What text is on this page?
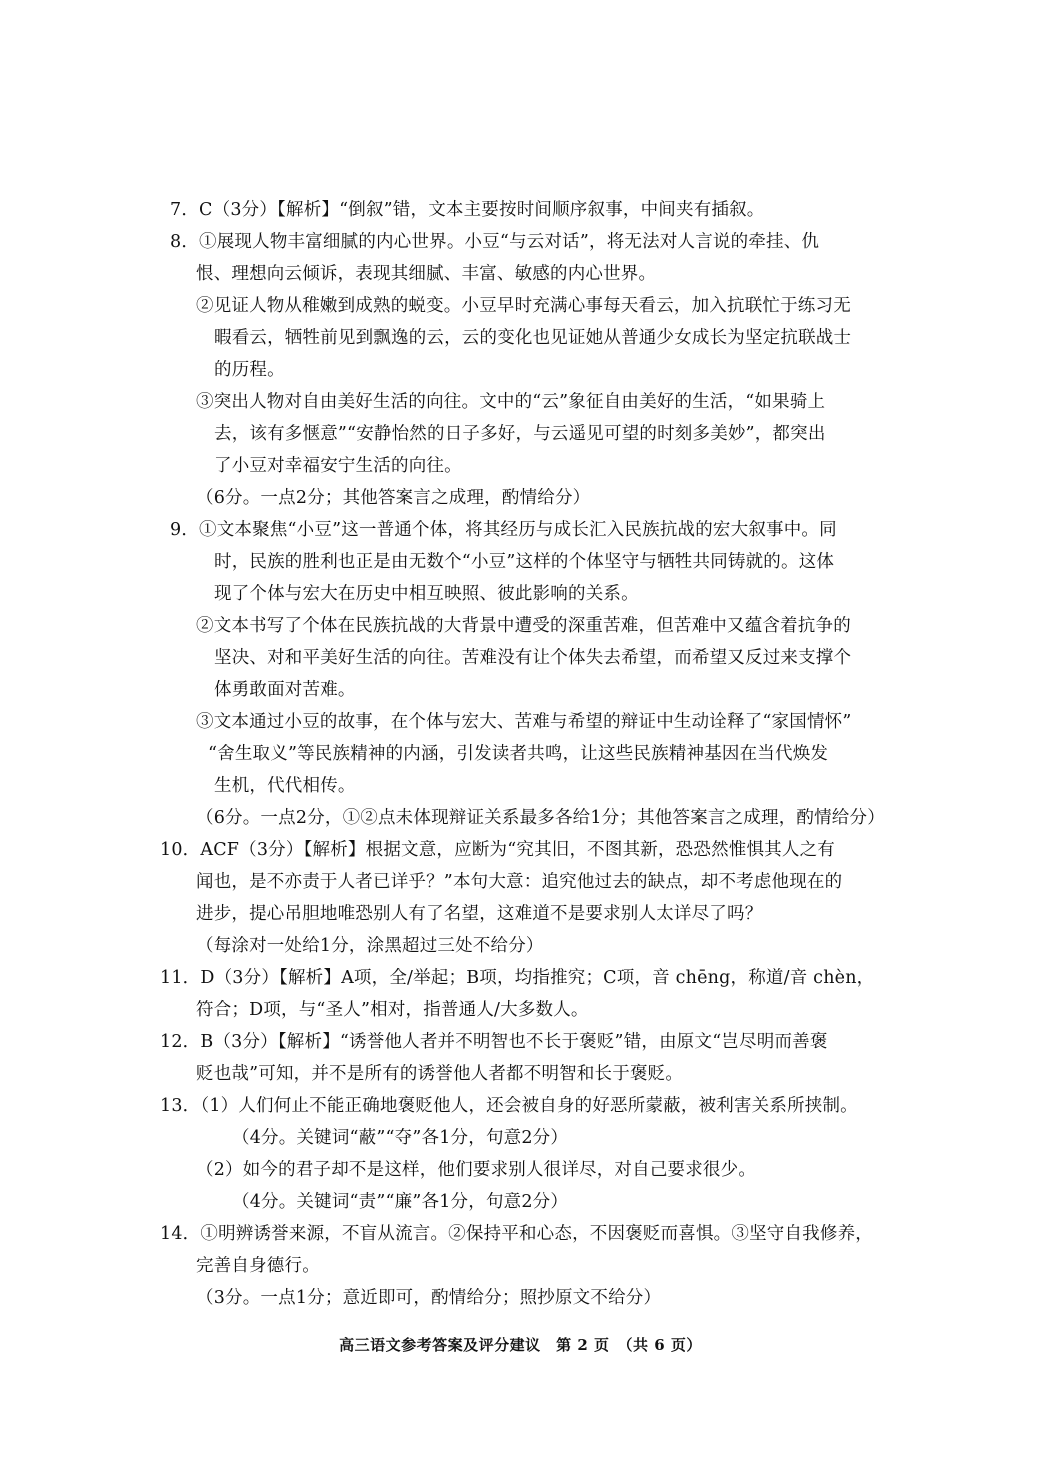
7．C（3分）【解析】“倒叙”错，文本主要按时间顺序叙事，中间夹有插叙。
8．①展现人物丰富细腻的内心世界。小豆“与云对话”，将无法对人言说的牵挂、仇
恨、理想向云倾诉，表现其细腻、丰富、敏感的内心世界。
②见证人物从稚嫩到成熟的蜕变。小豆早时充满心事每天看云，加入抗联忙于练习无
暇看云，牺牲前见到飘逸的云，云的变化也见证她从普通少女成长为坚定抗联战士
的历程。
③突出人物对自由美好生活的向往。文中的“云”象征自由美好的生活，“如果骑上
去，该有多惬意”“安静怡然的日子多好，与云遥见可望的时刻多美妙”，都突出
了小豆对幸福安宁生活的向往。
（6分。一点2分；其他答案言之成理，酌情给分）
9．①文本聚焦“小豆”这一普通个体，将其经历与成长汇入民族抗战的宏大叙事中。同
时，民族的胜利也正是由无数个“小豆”这样的个体坚守与牺牲共同铸就的。这体
现了个体与宏大在历史中相互映照、彼此影响的关系。
②文本书写了个体在民族抗战的大背景中遭受的深重苦难，但苦难中又蕴含着抗争的
坚决、对和平美好生活的向往。苦难没有让个体失去希望，而希望又反过来支撑个
体勇敢面对苦难。
③文本通过小豆的故事，在个体与宏大、苦难与希望的辩证中生动诠释了“家国情怀”
“舍生取义”等民族精神的内涵，引发读者共鸣，让这些民族精神基因在当代焕发
生机，代代相传。
（6分。一点2分，①②点未体现辩证关系最多各给1分；其他答案言之成理，酌情给分）
10．ACF（3分）【解析】根据文意，应断为“究其旧，不图其新，恐恐然惟惧其人之有
闻也，是不亦责于人者已详乎？”本句大意：追究他过去的缺点，却不考虑他现在的
进步，提心吊胆地唯恐别人有了名望，这难道不是要求别人太详尽了吗？
（每涂对一处给1分，涂黑超过三处不给分）
11．D（3分）【解析】A项，全/举起；B项，均指推究；C项，音 chēng，称道/音 chèn，
符合；D项，与“圣人”相对，指普通人/大多数人。
12．B（3分）【解析】“诱誉他人者并不明智也不长于褒贬”错，由原文“岂尽明而善褒
贬也哉”可知，并不是所有的诱誉他人者都不明智和长于褒贬。
13．（1）人们何止不能正确地褒贬他人，还会被自身的好恶所蒙蔽，被利害关系所挟制。
（4分。关键词“蔽”“夺”各1分，句意2分）
（2）如今的君子却不是这样，他们要求别人很详尽，对自己要求很少。
（4分。关键词“责”“廉”各1分，句意2分）
14．①明辨诱誉来源，不盲从流言。②保持平和心态，不因褒贬而喜惧。③坚守自我修养，
完善自身德行。
（3分。一点1分；意近即可，酌情给分；照抄原文不给分）
高三语文参考答案及评分建议　第 2 页　（共 6 页）
